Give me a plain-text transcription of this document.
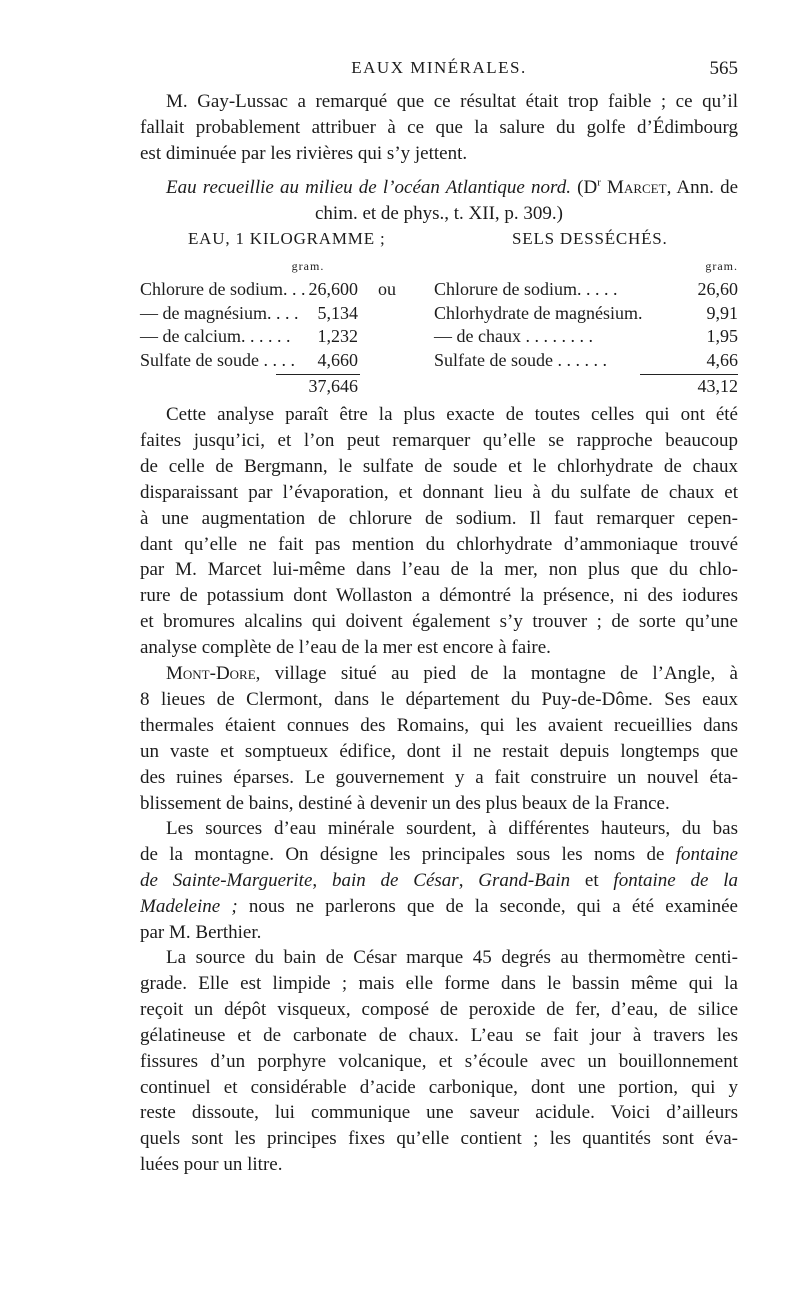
EAUX MINÉRALES.	565
M. Gay-Lussac a remarqué que ce résultat était trop faible ; ce qu’il
fallait probablement attribuer à ce que la salure du golfe d’Édimbourg
est diminuée par les rivières qui s’y jettent.
Eau recueillie au milieu de l’océan Atlantique nord. ($D^r$ Marcet, Ann. de
chim. et de phys., t. XII, p. 309.)
EAU, 1 KILOGRAMME ;	SELS DESSÉCHÉS.
gram.	gram.
Chlorure de sodium. . . 26,600 ou Chlorure de sodium. . . . .	26,60
— de magnésium. . . .	5,134	Chlorhydrate de magnésium.	9,91
— de calcium. . . . . .	1,232	— de chaux . . . . . . . .	1,95
Sulfate de soude . . . .	4,660	Sulfate de soude . . . . . .	4,66
37,646	43,12
Cette analyse paraît être la plus exacte de toutes celles qui ont été
faites jusqu’ici, et l’on peut remarquer qu’elle se rapproche beaucoup
de celle de Bergmann, le sulfate de soude et le chlorhydrate de chaux
disparaissant par l’évaporation, et donnant lieu à du sulfate de chaux et
à une augmentation de chlorure de sodium. Il faut remarquer cepen-
dant qu’elle ne fait pas mention du chlorhydrate d’ammoniaque trouvé
par M. Marcet lui-même dans l’eau de la mer, non plus que du chlo-
rure de potassium dont Wollaston a démontré la présence, ni des iodures
et bromures alcalins qui doivent également s’y trouver ; de sorte qu’une
analyse complète de l’eau de la mer est encore à faire.
Mont-Dore, village situé au pied de la montagne de l’Angle, à
8 lieues de Clermont, dans le département du Puy-de-Dôme. Ses eaux
thermales étaient connues des Romains, qui les avaient recueillies dans
un vaste et somptueux édifice, dont il ne restait depuis longtemps que
des ruines éparses. Le gouvernement y a fait construire un nouvel éta-
blissement de bains, destiné à devenir un des plus beaux de la France.
Les sources d’eau minérale sourdent, à différentes hauteurs, du bas
de la montagne. On désigne les principales sous les noms de fontaine
de Sainte-Marguerite, bain de César, Grand-Bain et fontaine de la
Madeleine ; nous ne parlerons que de la seconde, qui a été examinée
par M. Berthier.
La source du bain de César marque 45 degrés au thermomètre centi-
grade. Elle est limpide ; mais elle forme dans le bassin même qui la
reçoit un dépôt visqueux, composé de peroxide de fer, d’eau, de silice
gélatineuse et de carbonate de chaux. L’eau se fait jour à travers les
fissures d’un porphyre volcanique, et s’écoule avec un bouillonnement
continuel et considérable d’acide carbonique, dont une portion, qui y
reste dissoute, lui communique une saveur acidule. Voici d’ailleurs
quels sont les principes fixes qu’elle contient ; les quantités sont éva-
luées pour un litre.
